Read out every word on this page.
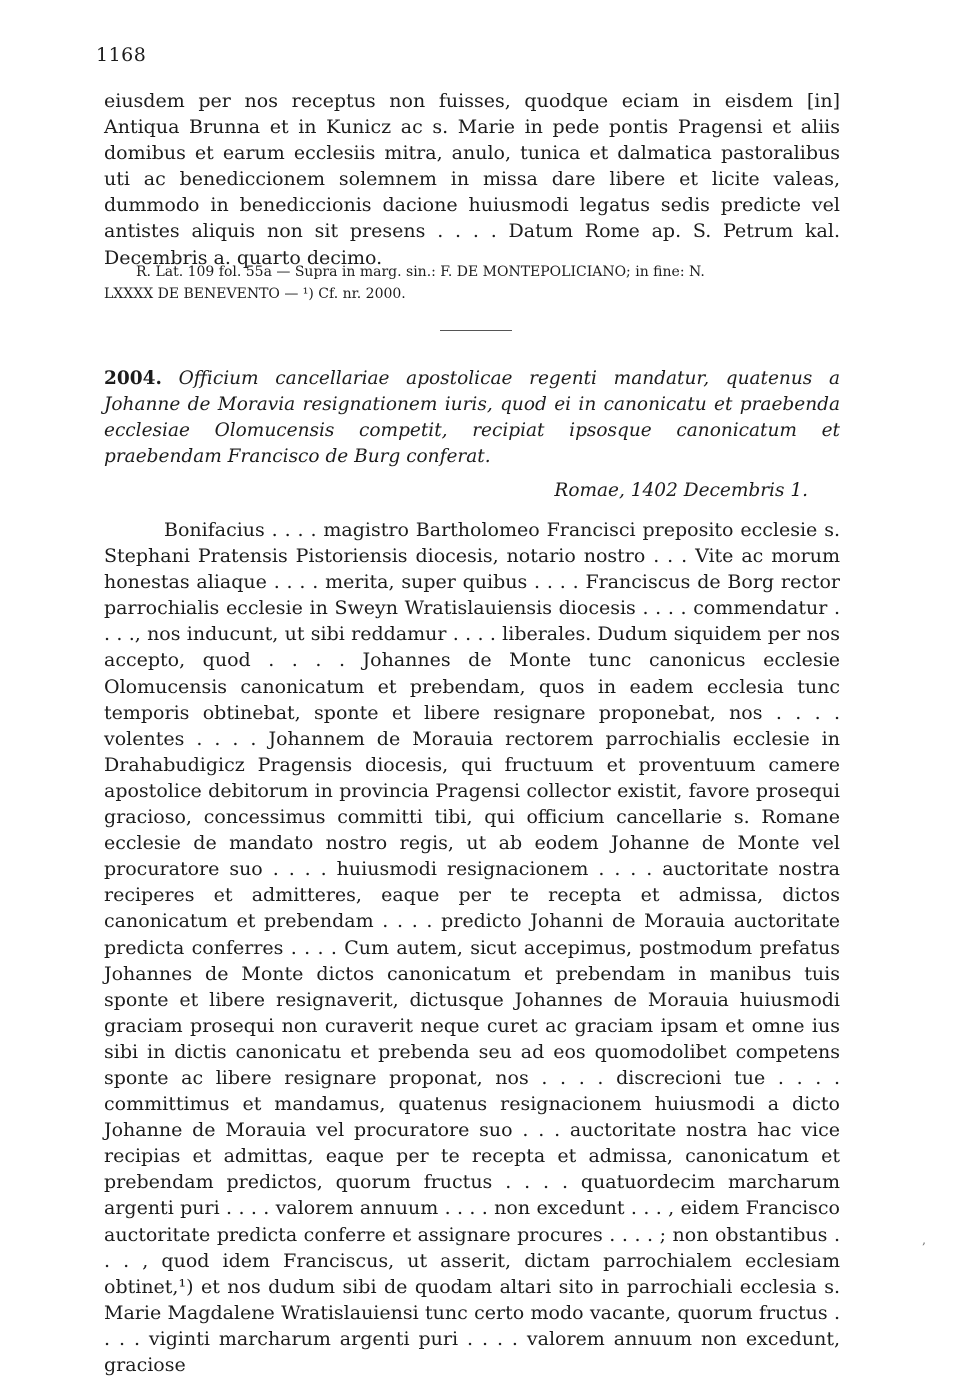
1168

eiusdem per nos receptus non fuisses, quodque eciam in eisdem [in] Antiqua Brunna et in Kunicz ac s. Marie in pede pontis Pragensi et aliis domibus et earum ecclesiis mitra, anulo, tunica et dalmatica pastoralibus uti ac benediccionem solemnem in missa dare libere et licite valeas, dummodo in benediccionis dacione huiusmodi legatus sedis predicte vel antistes aliquis non sit presens . . . . Datum Rome ap. S. Petrum kal. Decembris a. quarto decimo.

R. Lat. 109 fol. 55a — Supra in marg. sin.: F. DE MONTEPOLICIANO; in fine: N.
LXXXX DE BENEVENTO — ¹) Cf. nr. 2000.

2004. Officium cancellariae apostolicae regenti mandatur, quatenus a Johanne de Moravia resignationem iuris, quod ei in canonicatu et praebenda ecclesiae Olomucensis competit, recipiat ipsosque canonicatum et praebendam Francisco de Burg conferat.

Romae, 1402 Decembris 1.

Bonifacius . . . . magistro Bartholomeo Francisci preposito ecclesie s. Stephani Pratensis Pistoriensis diocesis, notario nostro . . . Vite ac morum honestas aliaque . . . . merita, super quibus . . . . Franciscus de Borg rector parrochialis ecclesie in Sweyn Wratislauiensis diocesis . . . . commendatur . . . ., nos inducunt, ut sibi reddamur . . . . liberales. Dudum siquidem per nos accepto, quod . . . . Johannes de Monte tunc canonicus ecclesie Olomucensis canonicatum et prebendam, quos in eadem ecclesia tunc temporis obtinebat, sponte et libere resignare proponebat, nos . . . . volentes . . . . Johannem de Morauia rectorem parrochialis ecclesie in Drahabudigicz Pragensis diocesis, qui fructuum et proventuum camere apostolice debitorum in provincia Pragensi collector existit, favore prosequi gracioso, concessimus committi tibi, qui officium cancellarie s. Romane ecclesie de mandato nostro regis, ut ab eodem Johanne de Monte vel procuratore suo . . . . huiusmodi resignacionem . . . . auctoritate nostra reciperes et admitteres, eaque per te recepta et admissa, dictos canonicatum et prebendam . . . . predicto Johanni de Morauia auctoritate predicta conferres . . . . Cum autem, sicut accepimus, postmodum prefatus Johannes de Monte dictos canonicatum et prebendam in manibus tuis sponte et libere resignaverit, dictusque Johannes de Morauia huiusmodi graciam prosequi non curaverit neque curet ac graciam ipsam et omne ius sibi in dictis canonicatu et prebenda seu ad eos quomodolibet competens sponte ac libere resignare proponat, nos . . . . discrecioni tue . . . . committimus et mandamus, quatenus resignacionem huiusmodi a dicto Johanne de Morauia vel procuratore suo . . . auctoritate nostra hac vice recipias et admittas, eaque per te recepta et admissa, canonicatum et prebendam predictos, quorum fructus . . . . quatuordecim marcharum argenti puri . . . . valorem annuum . . . . non excedunt . . . , eidem Francisco auctoritate predicta conferre et assignare procures . . . . ; non obstantibus . . . , quod idem Franciscus, ut asserit, dictam parrochialem ecclesiam obtinet,¹) et nos dudum sibi de quodam altari sito in parrochiali ecclesia s. Marie Magdalene Wratislauiensi tunc certo modo vacante, quorum fructus . . . . viginti marcharum argenti puri . . . . valorem annuum non excedunt, graciose

‚
